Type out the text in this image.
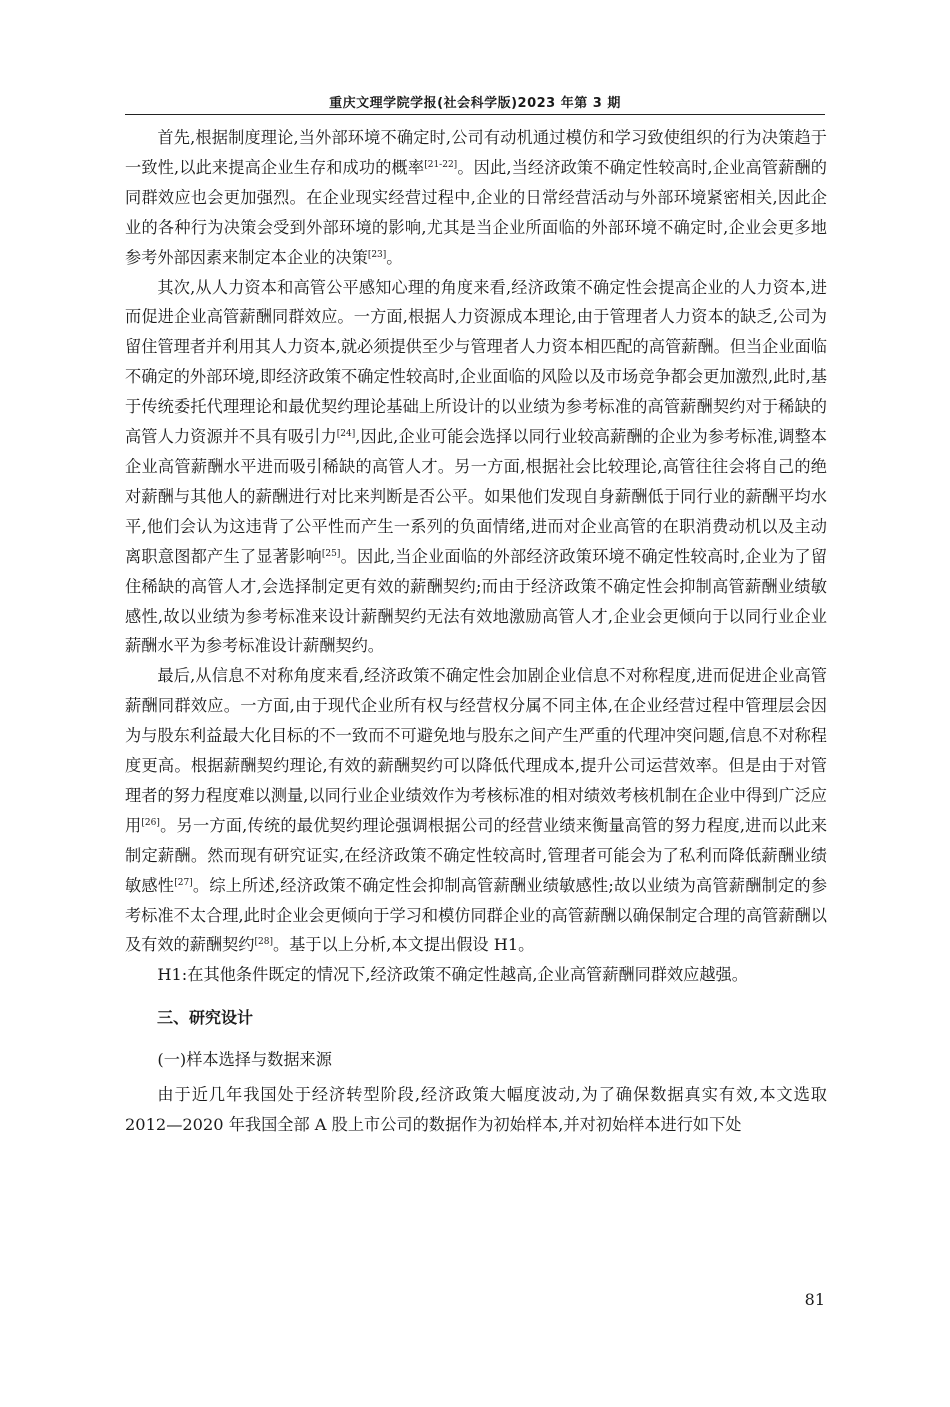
重庆文理学院学报(社会科学版)2023 年第 3 期

首先,根据制度理论,当外部环境不确定时,公司有动机通过模仿和学习致使组织的行为决策趋于一致性,以此来提高企业生存和成功的概率[21-22]。因此,当经济政策不确定性较高时,企业高管薪酬的同群效应也会更加强烈。在企业现实经营过程中,企业的日常经营活动与外部环境紧密相关,因此企业的各种行为决策会受到外部环境的影响,尤其是当企业所面临的外部环境不确定时,企业会更多地参考外部因素来制定本企业的决策[23]。

其次,从人力资本和高管公平感知心理的角度来看,经济政策不确定性会提高企业的人力资本,进而促进企业高管薪酬同群效应。一方面,根据人力资源成本理论,由于管理者人力资本的缺乏,公司为留住管理者并利用其人力资本,就必须提供至少与管理者人力资本相匹配的高管薪酬。但当企业面临不确定的外部环境,即经济政策不确定性较高时,企业面临的风险以及市场竞争都会更加激烈,此时,基于传统委托代理理论和最优契约理论基础上所设计的以业绩为参考标准的高管薪酬契约对于稀缺的高管人力资源并不具有吸引力[24],因此,企业可能会选择以同行业较高薪酬的企业为参考标准,调整本企业高管薪酬水平进而吸引稀缺的高管人才。另一方面,根据社会比较理论,高管往往会将自己的绝对薪酬与其他人的薪酬进行对比来判断是否公平。如果他们发现自身薪酬低于同行业的薪酬平均水平,他们会认为这违背了公平性而产生一系列的负面情绪,进而对企业高管的在职消费动机以及主动离职意图都产生了显著影响[25]。因此,当企业面临的外部经济政策环境不确定性较高时,企业为了留住稀缺的高管人才,会选择制定更有效的薪酬契约;而由于经济政策不确定性会抑制高管薪酬业绩敏感性,故以业绩为参考标准来设计薪酬契约无法有效地激励高管人才,企业会更倾向于以同行业企业薪酬水平为参考标准设计薪酬契约。

最后,从信息不对称角度来看,经济政策不确定性会加剧企业信息不对称程度,进而促进企业高管薪酬同群效应。一方面,由于现代企业所有权与经营权分属不同主体,在企业经营过程中管理层会因为与股东利益最大化目标的不一致而不可避免地与股东之间产生严重的代理冲突问题,信息不对称程度更高。根据薪酬契约理论,有效的薪酬契约可以降低代理成本,提升公司运营效率。但是由于对管理者的努力程度难以测量,以同行业企业绩效作为考核标准的相对绩效考核机制在企业中得到广泛应用[26]。另一方面,传统的最优契约理论强调根据公司的经营业绩来衡量高管的努力程度,进而以此来制定薪酬。然而现有研究证实,在经济政策不确定性较高时,管理者可能会为了私利而降低薪酬业绩敏感性[27]。综上所述,经济政策不确定性会抑制高管薪酬业绩敏感性;故以业绩为高管薪酬制定的参考标准不太合理,此时企业会更倾向于学习和模仿同群企业的高管薪酬以确保制定合理的高管薪酬以及有效的薪酬契约[28]。基于以上分析,本文提出假设 H1。

H1:在其他条件既定的情况下,经济政策不确定性越高,企业高管薪酬同群效应越强。

三、研究设计
(一)样本选择与数据来源

由于近几年我国处于经济转型阶段,经济政策大幅度波动,为了确保数据真实有效,本文选取 2012—2020 年我国全部 A 股上市公司的数据作为初始样本,并对初始样本进行如下处

81
